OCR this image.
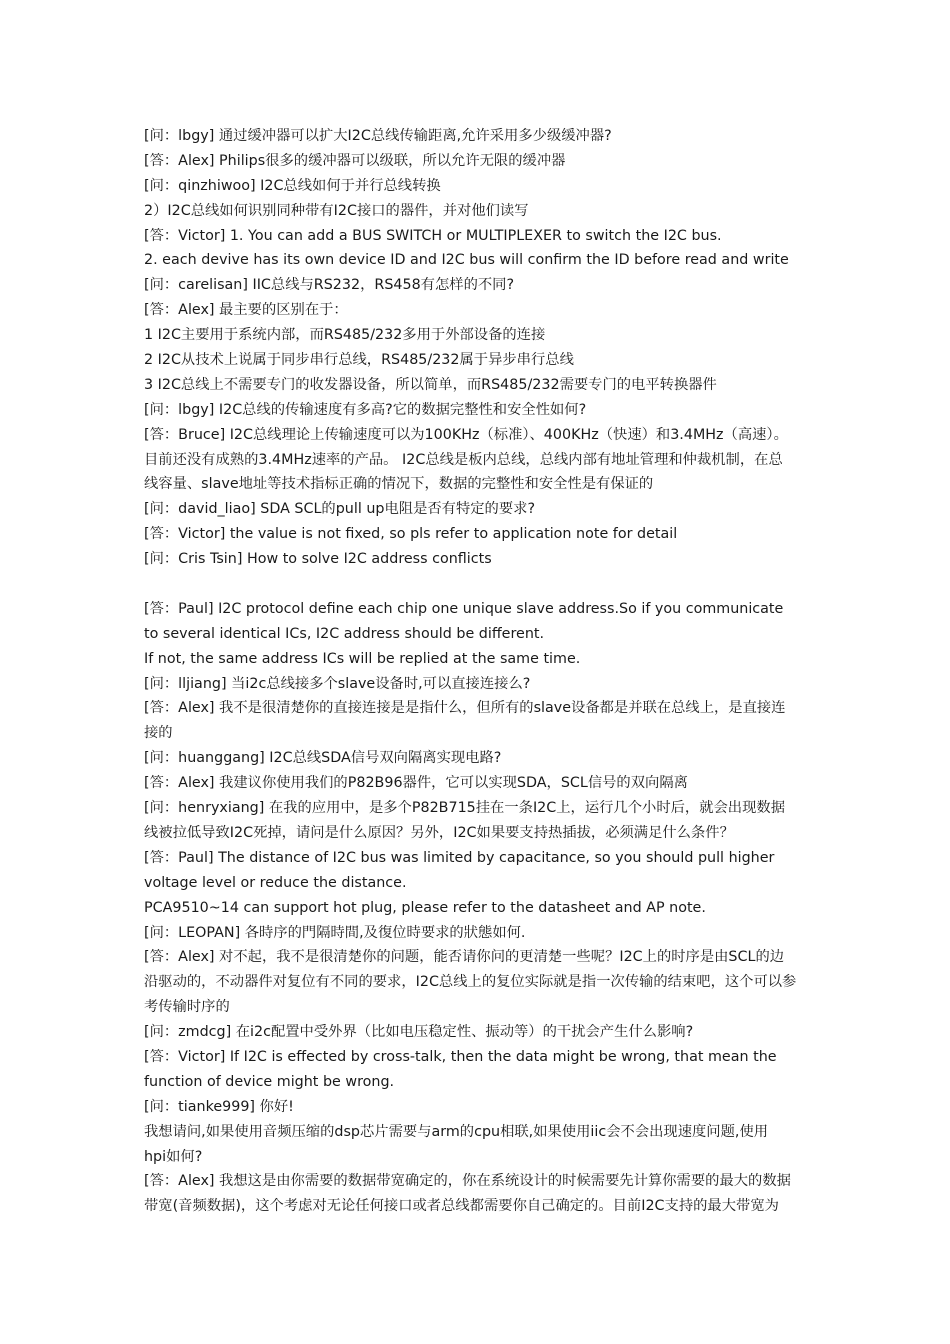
[问：lbgy] 通过缓冲器可以扩大I2C总线传输距离,允许采用多少级缓冲器?
[答：Alex] Philips很多的缓冲器可以级联，所以允许无限的缓冲器
[问：qinzhiwoo] I2C总线如何于并行总线转换
2）I2C总线如何识别同种带有I2C接口的器件，并对他们读写
[答：Victor] 1. You can add a BUS SWITCH or MULTIPLEXER to switch the I2C bus.
2. each devive has its own device ID and I2C bus will confirm the ID before read and write
[问：carelisan] IIC总线与RS232，RS458有怎样的不同?
[答：Alex] 最主要的区别在于：
1 I2C主要用于系统内部，而RS485/232多用于外部设备的连接
2 I2C从技术上说属于同步串行总线，RS485/232属于异步串行总线
3 I2C总线上不需要专门的收发器设备，所以简单，而RS485/232需要专门的电平转换器件
[问：lbgy] I2C总线的传输速度有多高?它的数据完整性和安全性如何?
[答：Bruce] I2C总线理论上传输速度可以为100KHz（标准）、400KHz（快速）和3.4MHz（高速）。
目前还没有成熟的3.4MHz速率的产品。 I2C总线是板内总线，总线内部有地址管理和仲裁机制，在总
线容量、slave地址等技术指标正确的情况下，数据的完整性和安全性是有保证的
[问：david_liao] SDA SCL的pull up电阻是否有特定的要求?
[答：Victor] the value is not fixed, so pls refer to application note for detail
[问：Cris Tsin] How to solve I2C address conflicts
[答：Paul] I2C protocol define each chip one unique slave address.So if you communicate
to several identical ICs, I2C address should be different.
If not, the same address ICs will be replied at the same time.
[问：lljiang] 当i2c总线接多个slave设备时,可以直接连接么?
[答：Alex] 我不是很清楚你的直接连接是是指什么，但所有的slave设备都是并联在总线上，是直接连
接的
[问：huanggang] I2C总线SDA信号双向隔离实现电路?
[答：Alex] 我建议你使用我们的P82B96器件，它可以实现SDA，SCL信号的双向隔离
[问：henryxiang] 在我的应用中，是多个P82B715挂在一条I2C上，运行几个小时后，就会出现数据
线被拉低导致I2C死掉，请问是什么原因？另外，I2C如果要支持热插拔，必须满足什么条件？
[答：Paul] The distance of I2C bus was limited by capacitance, so you should pull higher
voltage level or reduce the distance.
PCA9510~14 can support hot plug, please refer to the datasheet and AP note.
[问：LEOPAN] 各時序的門隔時間,及復位時要求的狀態如何.
[答：Alex] 对不起，我不是很清楚你的问题，能否请你问的更清楚一些呢？I2C上的时序是由SCL的边
沿驱动的，不动器件对复位有不同的要求，I2C总线上的复位实际就是指一次传输的结束吧，这个可以参
考传输时序的
[问：zmdcg] 在i2c配置中受外界（比如电压稳定性、振动等）的干扰会产生什么影响?
[答：Victor] If I2C is effected by cross-talk, then the data might be wrong, that mean the
function of device might be wrong.
[问：tianke999] 你好!
我想请问,如果使用音频压缩的dsp芯片需要与arm的cpu相联,如果使用iic会不会出现速度问题,使用
hpi如何?
[答：Alex] 我想这是由你需要的数据带宽确定的，你在系统设计的时候需要先计算你需要的最大的数据
带宽(音频数据)，这个考虑对无论任何接口或者总线都需要你自己确定的。目前I2C支持的最大带宽为
